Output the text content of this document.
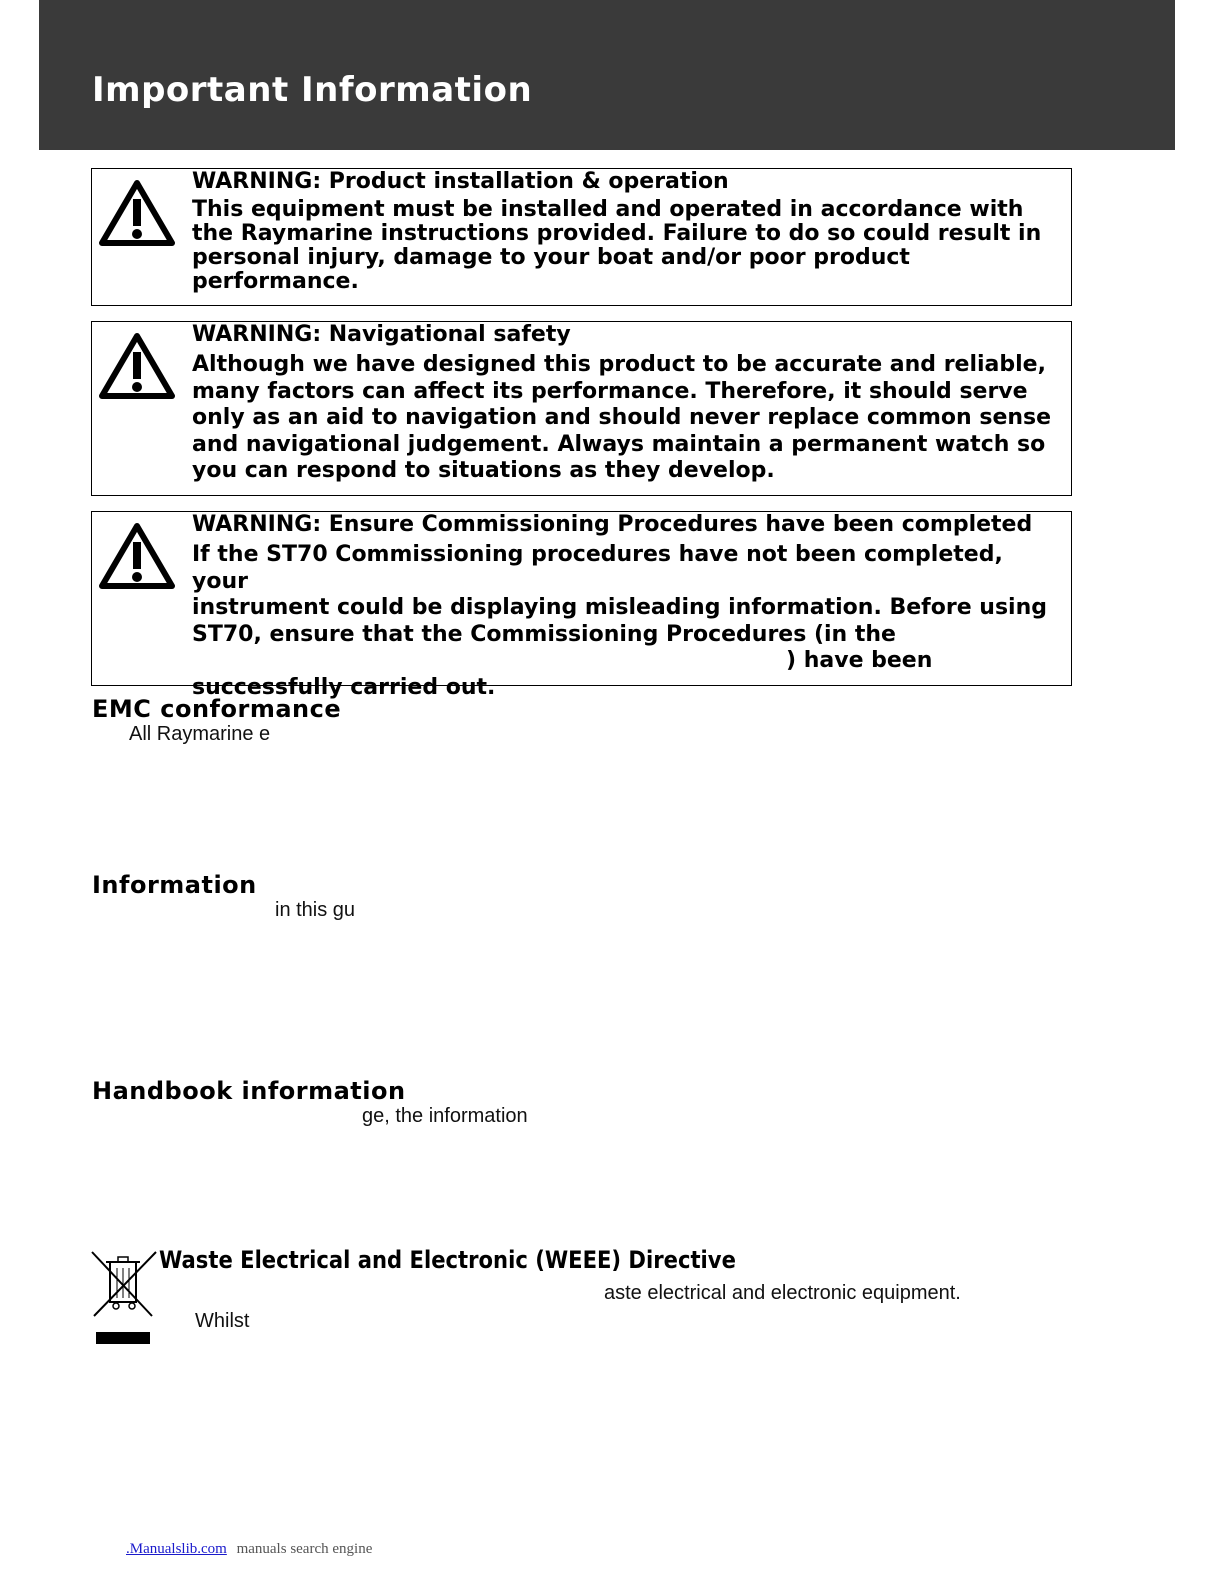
Important Information

WARNING: Product installation & operation

This equipment must be installed and operated in accordance with the Raymarine instructions provided. Failure to do so could result in personal injury, damage to your boat and/or poor product performance.

WARNING: Navigational safety

Although we have designed this product to be accurate and reliable, many factors can affect its performance. Therefore, it should serve only as an aid to navigation and should never replace common sense and navigational judgement. Always maintain a permanent watch so you can respond to situations as they develop.

WARNING: Ensure Commissioning Procedures have been completed

If the ST70 Commissioning procedures have not been completed, your
instrument could be displaying misleading information. Before using
ST70, ensure that the Commissioning Procedures (in the
) have been
successfully carried out.
EMC conformance

All Raymarine e

Information

in this gu

Handbook information

ge, the information

Waste Electrical and Electronic (WEEE) Directive

aste electrical and electronic equipment.

Whilst

.Manualslib.com manuals search engine
